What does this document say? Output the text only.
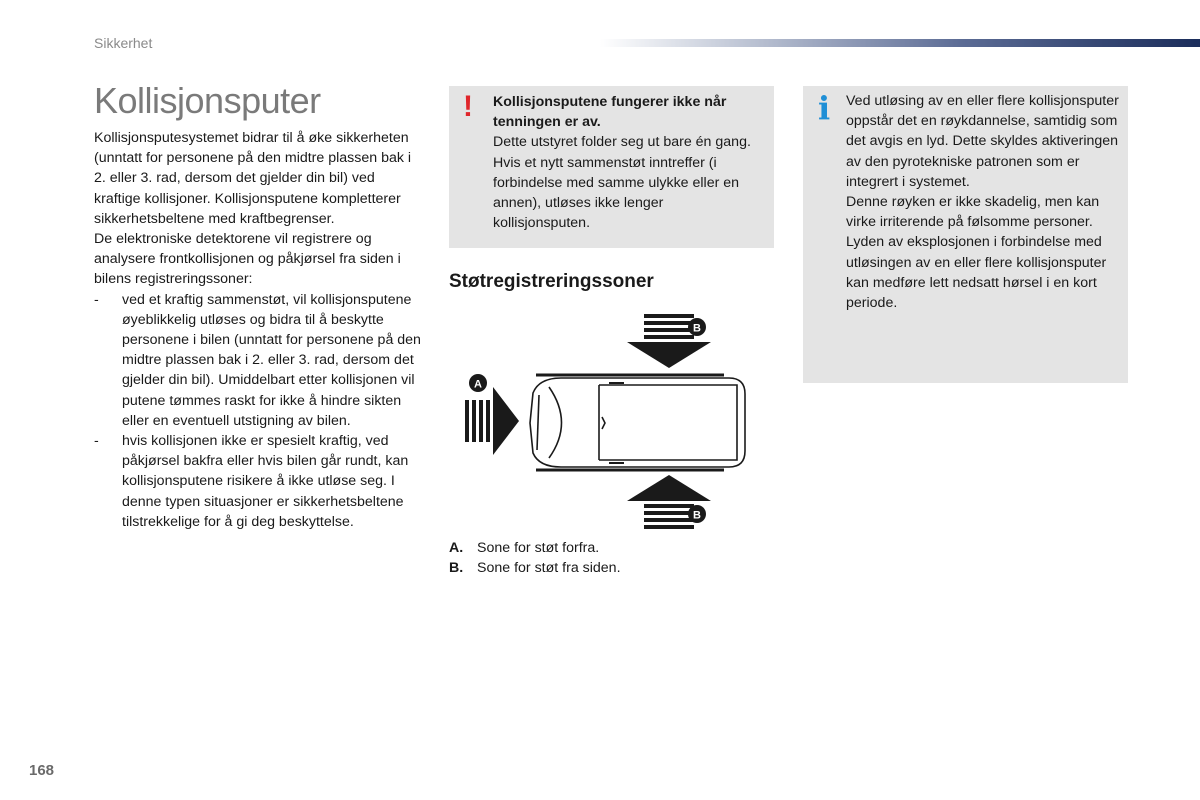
Sikkerhet
Kollisjonsputer

Kollisjonsputesystemet bidrar til å øke sikkerheten (unntatt for personene på den midtre plassen bak i 2. eller 3. rad, dersom det gjelder din bil) ved kraftige kollisjoner. Kollisjonsputene kompletterer sikkerhetsbeltene med kraftbegrenser.

De elektroniske detektorene vil registrere og analysere frontkollisjonen og påkjørsel fra siden i bilens registreringssoner:

- ved et kraftig sammenstøt, vil kollisjonsputene øyeblikkelig utløses og bidra til å beskytte personene i bilen (unntatt for personene på den midtre plassen bak i 2. eller 3. rad, dersom det gjelder din bil). Umiddelbart etter kollisjonen vil putene tømmes raskt for ikke å hindre sikten eller en eventuell utstigning av bilen.
- hvis kollisjonen ikke er spesielt kraftig, ved påkjørsel bakfra eller hvis bilen går rundt, kan kollisjonsputene risikere å ikke utløse seg. I denne typen situasjoner er sikkerhetsbeltene tilstrekkelige for å gi deg beskyttelse.
! Kollisjonsputene fungerer ikke når tenningen er av.
Dette utstyret folder seg ut bare én gang. Hvis et nytt sammenstøt inntreffer (i forbindelse med samme ulykke eller en annen), utløses ikke lenger kollisjonsputen.
i Ved utløsing av en eller flere kollisjonsputer oppstår det en røykdannelse, samtidig som det avgis en lyd. Dette skyldes aktiveringen av den pyrotekniske patronen som er integrert i systemet.
Denne røyken er ikke skadelig, men kan virke irriterende på følsomme personer.
Lyden av eksplosjonen i forbindelse med utløsingen av en eller flere kollisjonsputer kan medføre lett nedsatt hørsel i en kort periode.
Støtregistreringssoner
B
A
B
A. Sone for støt forfra.
B. Sone for støt fra siden.
168
